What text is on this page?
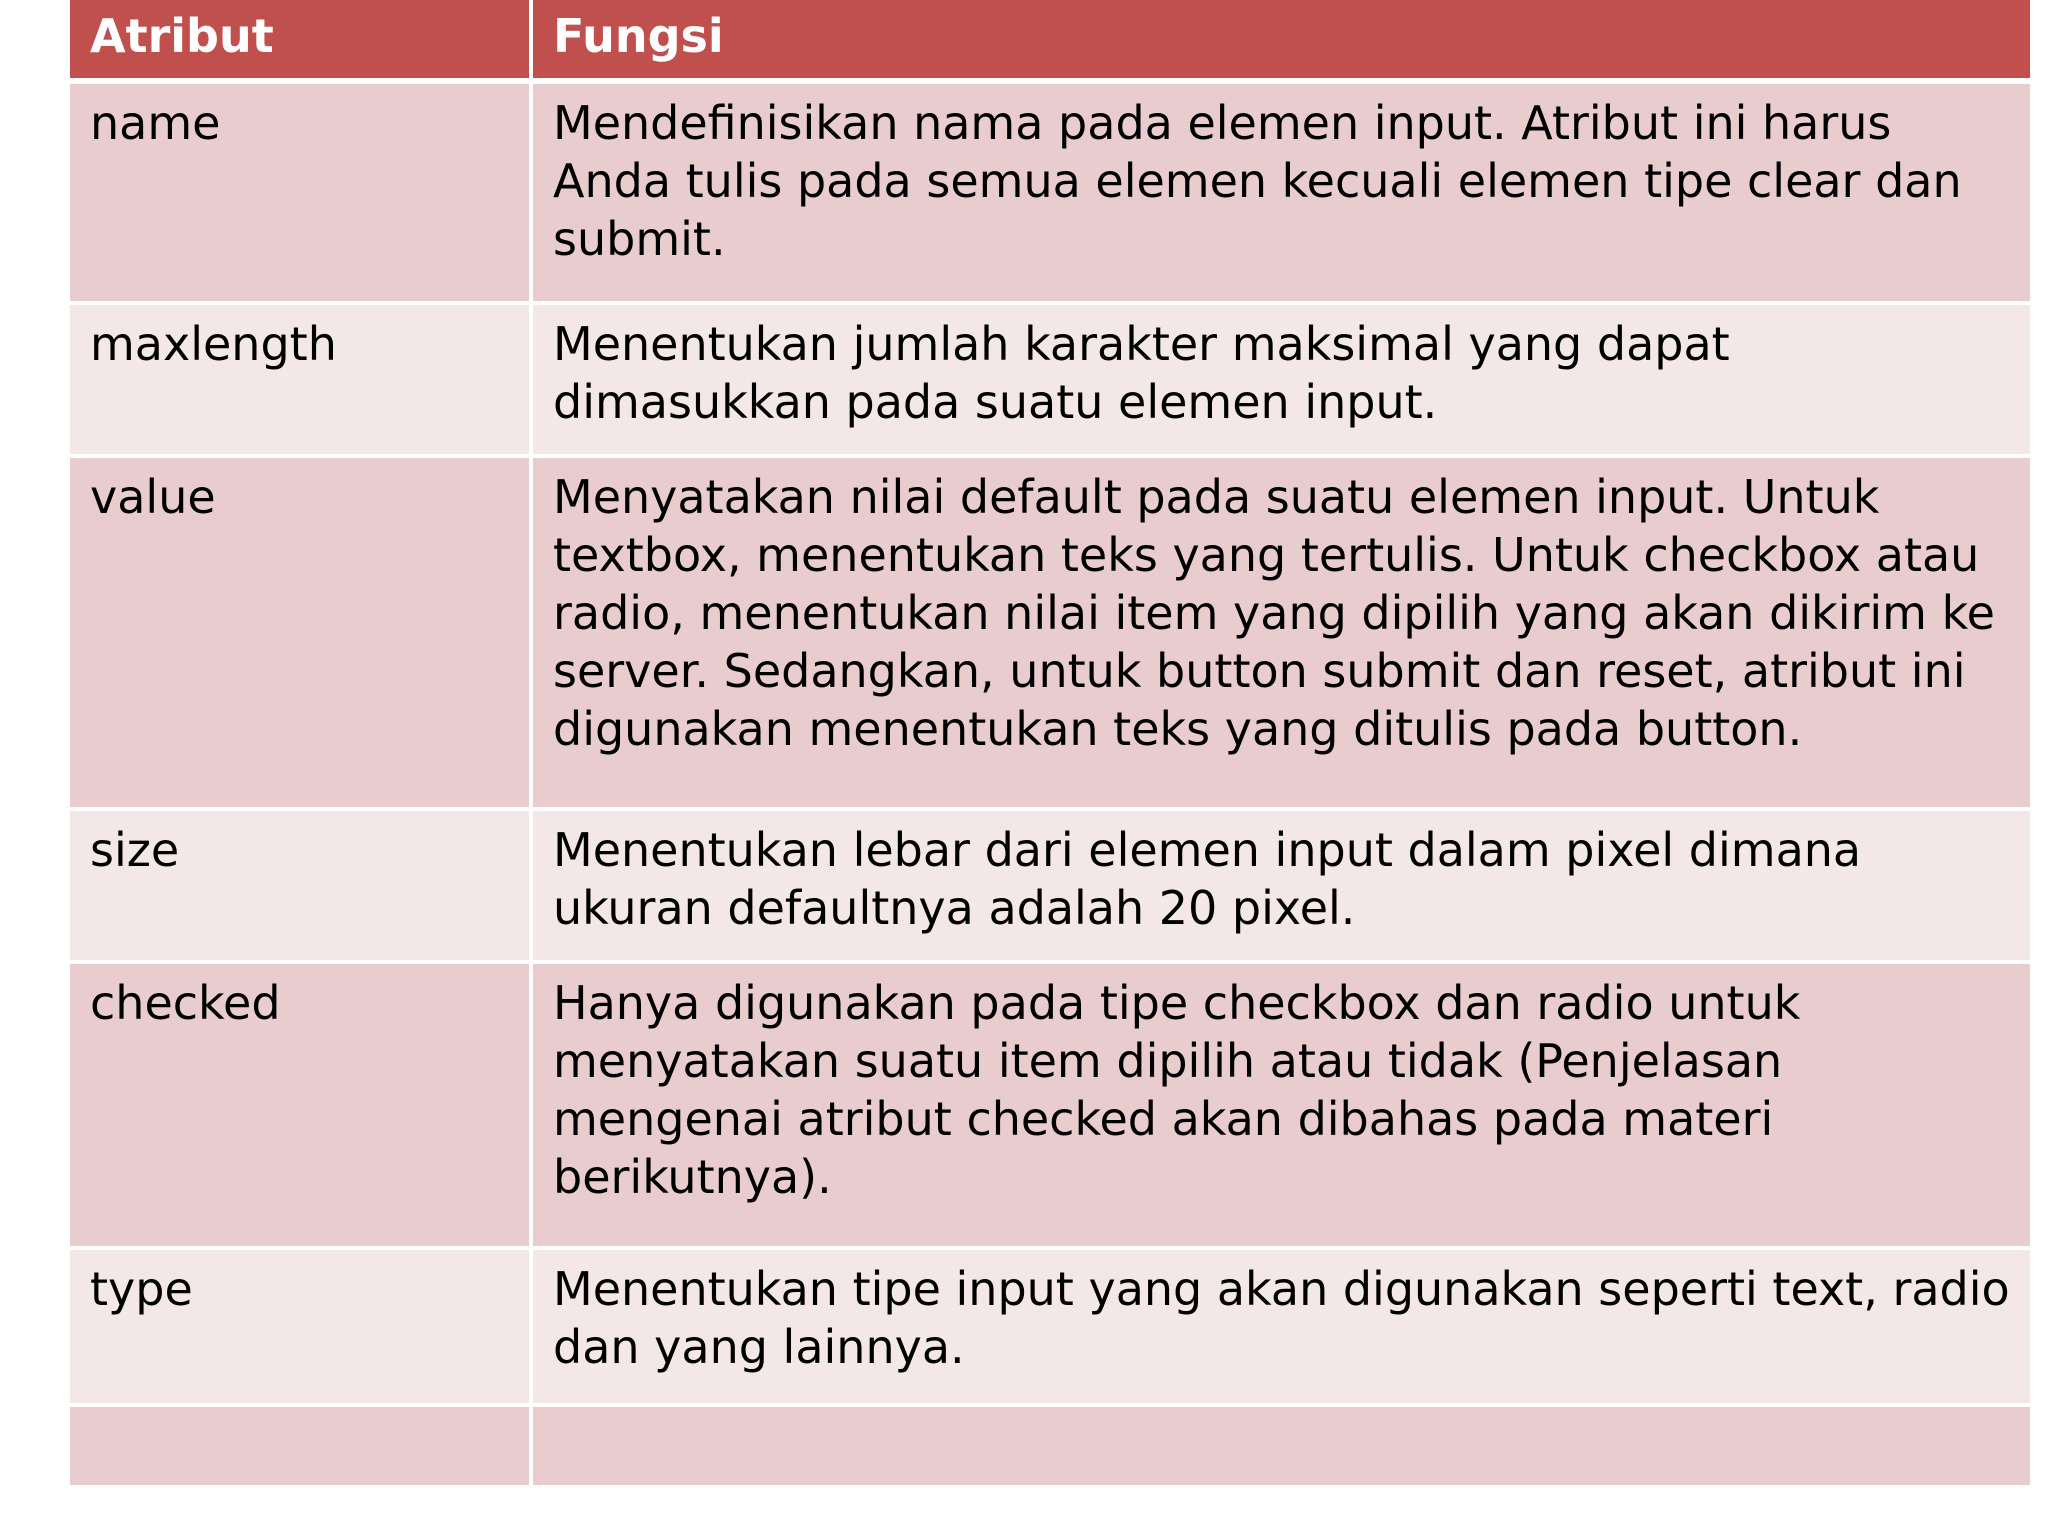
Atribut	Fungsi
name	Mendefinisikan nama pada elemen input. Atribut ini harus Anda tulis pada semua elemen kecuali elemen tipe clear dan submit.
maxlength	Menentukan jumlah karakter maksimal yang dapat dimasukkan pada suatu elemen input.
value	Menyatakan nilai default pada suatu elemen input. Untuk textbox, menentukan teks yang tertulis. Untuk checkbox atau radio, menentukan nilai item yang dipilih yang akan dikirim ke server. Sedangkan, untuk button submit dan reset, atribut ini digunakan menentukan teks yang ditulis pada button.
size	Menentukan lebar dari elemen input dalam pixel dimana ukuran defaultnya adalah 20 pixel.
checked	Hanya digunakan pada tipe checkbox dan radio untuk menyatakan suatu item dipilih atau tidak (Penjelasan mengenai atribut checked akan dibahas pada materi berikutnya).
type	Menentukan tipe input yang akan digunakan seperti text, radio dan yang lainnya.
